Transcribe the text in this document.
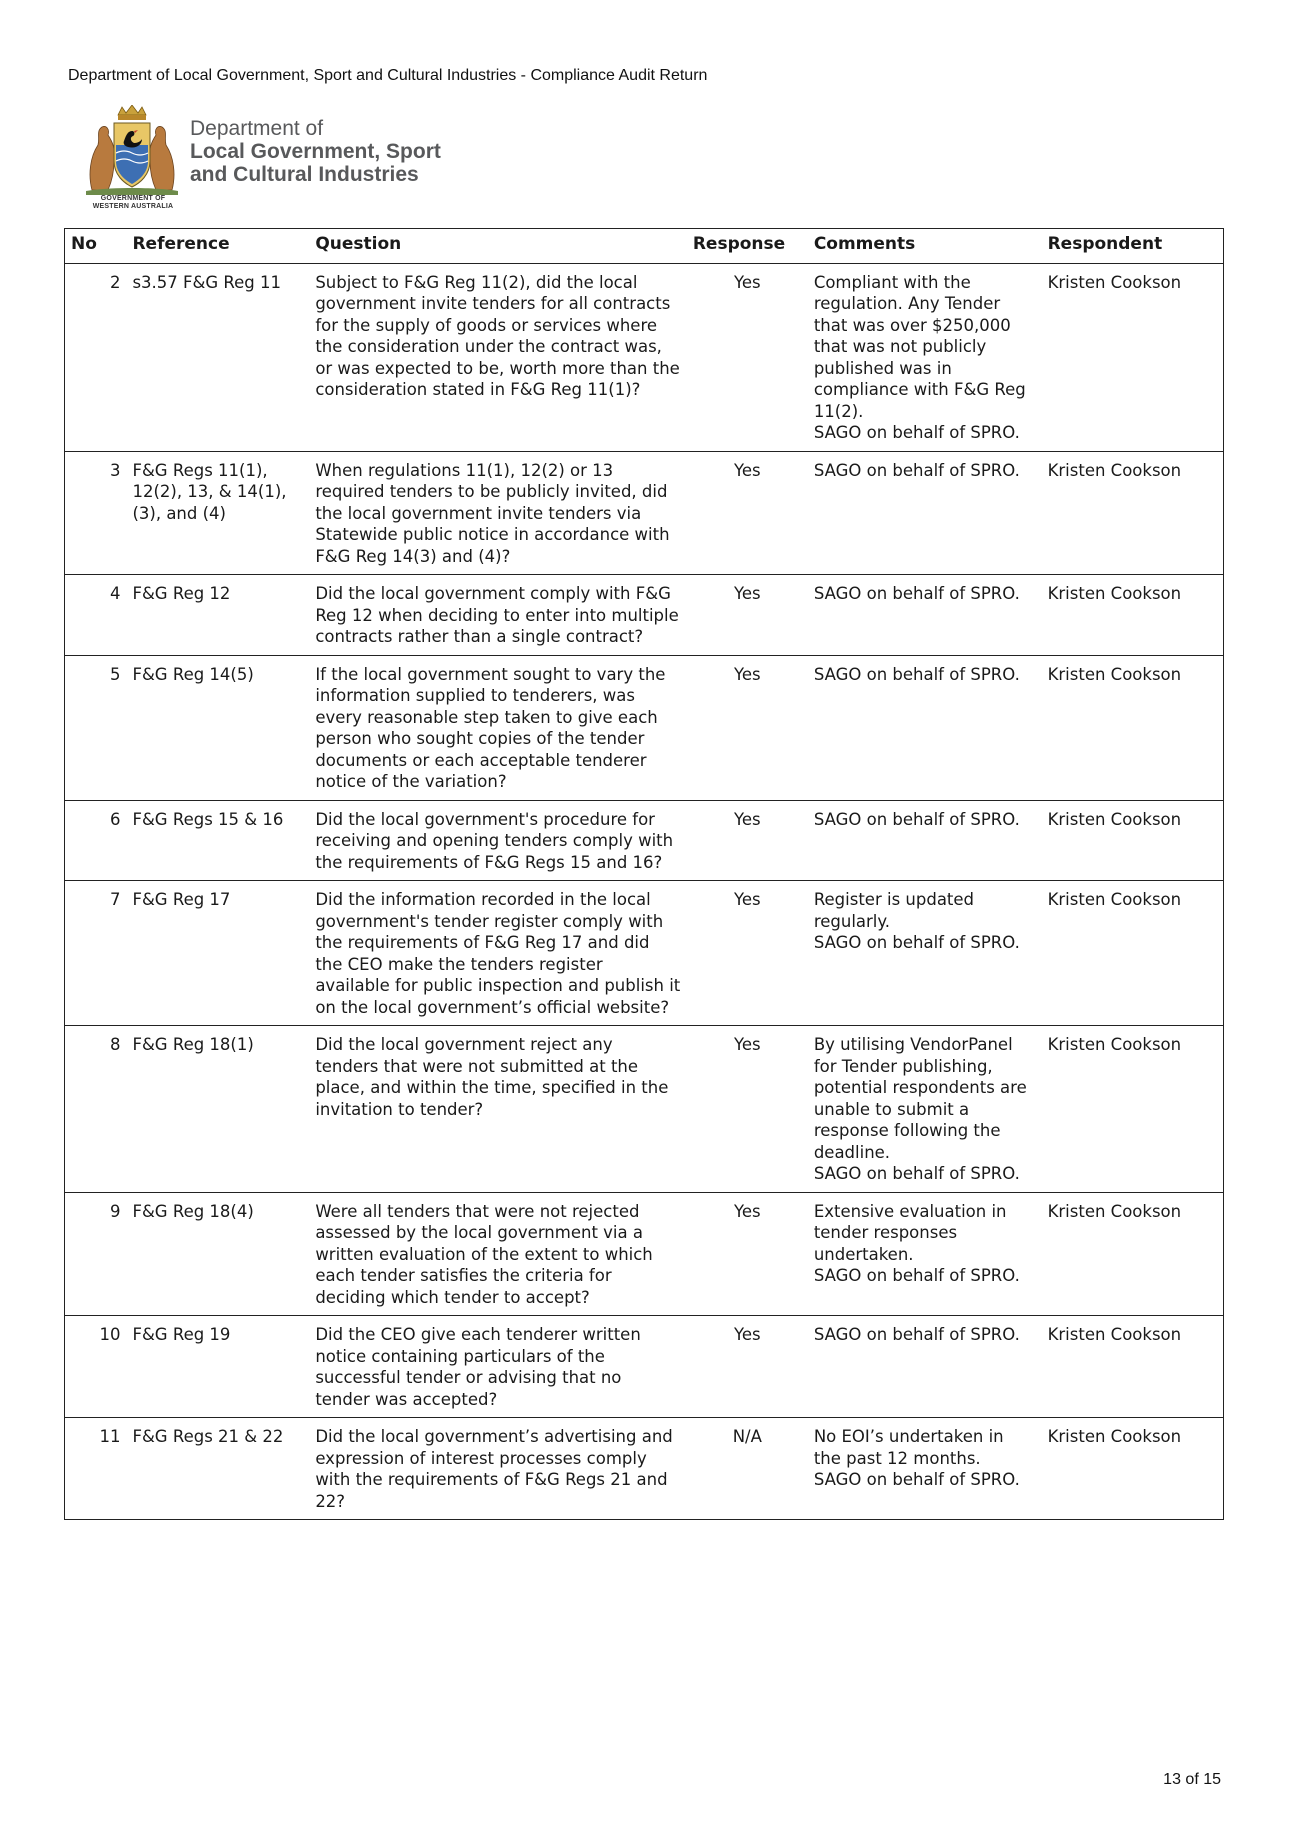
Department of Local Government, Sport and Cultural Industries - Compliance Audit Return
GOVERNMENT OF
WESTERN AUSTRALIA
Department of
Local Government, Sport
and Cultural Industries
No	Reference	Question	Response	Comments	Respondent
2	s3.57 F&G Reg 11	Subject to F&G Reg 11(2), did the local government invite tenders for all contracts for the supply of goods or services where the consideration under the contract was, or was expected to be, worth more than the consideration stated in F&G Reg 11(1)?	Yes	Compliant with the regulation. Any Tender that was over $250,000 that was not publicly published was in compliance with F&G Reg 11(2).
SAGO on behalf of SPRO.	Kristen Cookson
3	F&G Regs 11(1), 12(2), 13, & 14(1), (3), and (4)	When regulations 11(1), 12(2) or 13 required tenders to be publicly invited, did the local government invite tenders via Statewide public notice in accordance with F&G Reg 14(3) and (4)?	Yes	SAGO on behalf of SPRO.	Kristen Cookson
4	F&G Reg 12	Did the local government comply with F&G Reg 12 when deciding to enter into multiple contracts rather than a single contract?	Yes	SAGO on behalf of SPRO.	Kristen Cookson
5	F&G Reg 14(5)	If the local government sought to vary the information supplied to tenderers, was every reasonable step taken to give each person who sought copies of the tender documents or each acceptable tenderer notice of the variation?	Yes	SAGO on behalf of SPRO.	Kristen Cookson
6	F&G Regs 15 & 16	Did the local government's procedure for receiving and opening tenders comply with the requirements of F&G Regs 15 and 16?	Yes	SAGO on behalf of SPRO.	Kristen Cookson
7	F&G Reg 17	Did the information recorded in the local government's tender register comply with the requirements of F&G Reg 17 and did the CEO make the tenders register available for public inspection and publish it on the local government’s official website?	Yes	Register is updated regularly.
SAGO on behalf of SPRO.	Kristen Cookson
8	F&G Reg 18(1)	Did the local government reject any tenders that were not submitted at the place, and within the time, specified in the invitation to tender?	Yes	By utilising VendorPanel for Tender publishing, potential respondents are unable to submit a response following the deadline.
SAGO on behalf of SPRO.	Kristen Cookson
9	F&G Reg 18(4)	Were all tenders that were not rejected assessed by the local government via a written evaluation of the extent to which each tender satisfies the criteria for deciding which tender to accept?	Yes	Extensive evaluation in tender responses undertaken.
SAGO on behalf of SPRO.	Kristen Cookson
10	F&G Reg 19	Did the CEO give each tenderer written notice containing particulars of the successful tender or advising that no tender was accepted?	Yes	SAGO on behalf of SPRO.	Kristen Cookson
11	F&G Regs 21 & 22	Did the local government’s advertising and expression of interest processes comply with the requirements of F&G Regs 21 and 22?	N/A	No EOI’s undertaken in the past 12 months.
SAGO on behalf of SPRO.	Kristen Cookson
13 of 15
